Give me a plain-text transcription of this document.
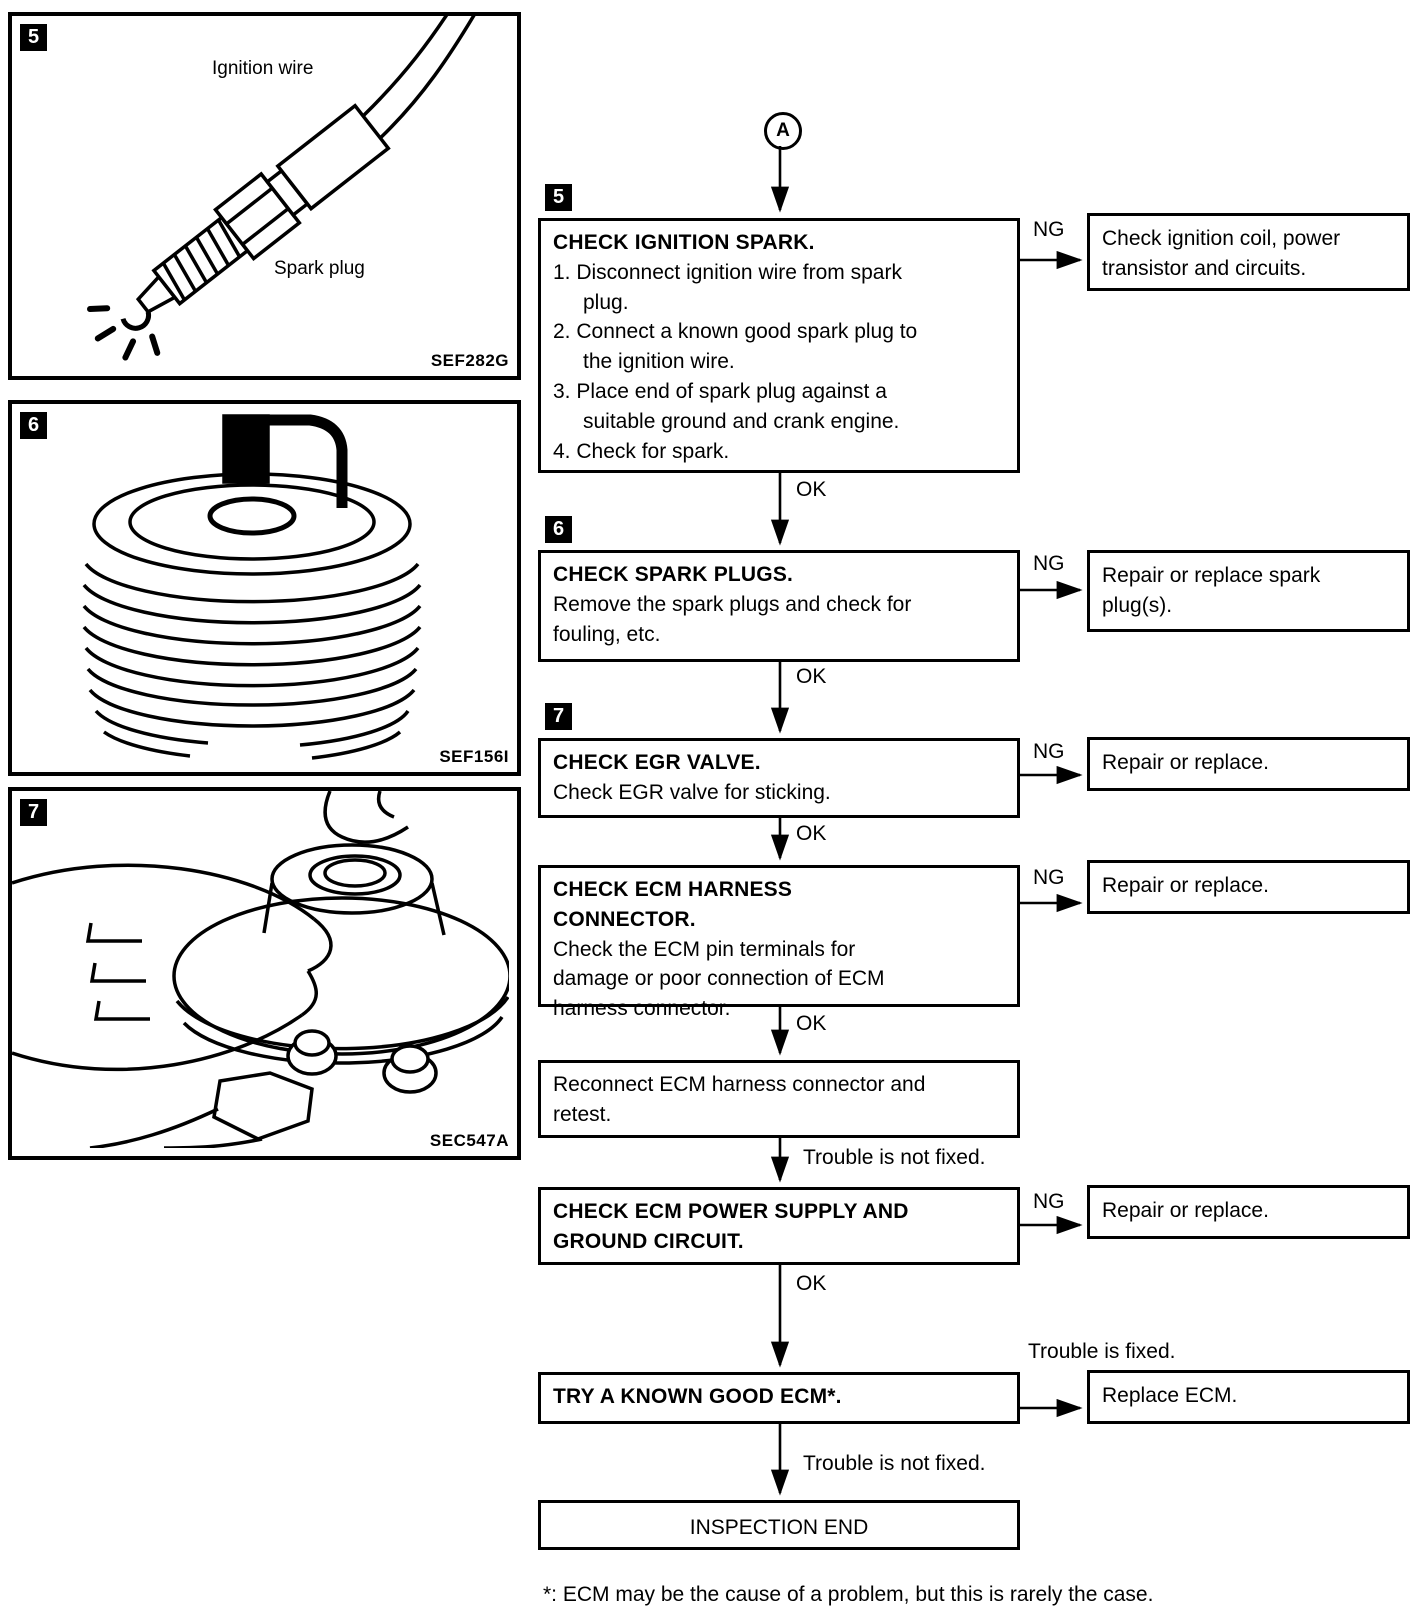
5
Ignition wire
Spark plug
SEF282G
6
SEF156I
7
SEC547A
A
5
CHECK IGNITION SPARK.
1. Disconnect ignition wire from spark plug.
2. Connect a known good spark plug to the ignition wire.
3. Place end of spark plug against a suitable ground and crank engine.
4. Check for spark.
NG	Check ignition coil, power transistor and circuits.
OK
6
CHECK SPARK PLUGS.
Remove the spark plugs and check for fouling, etc.
NG
Repair or replace spark plug(s).
OK
7
CHECK EGR VALVE.
Check EGR valve for sticking.
NG	Repair or replace.
OK
CHECK ECM HARNESS CONNECTOR.
Check the ECM pin terminals for damage or poor connection of ECM harness connector.
NG	Repair or replace.
OK
Reconnect ECM harness connector and retest.
Trouble is not fixed.
CHECK ECM POWER SUPPLY AND GROUND CIRCUIT.
NG	Repair or replace.
OK
Trouble is fixed.
TRY A KNOWN GOOD ECM*.	Replace ECM.
Trouble is not fixed.
INSPECTION END
*: ECM may be the cause of a problem, but this is rarely the case.
